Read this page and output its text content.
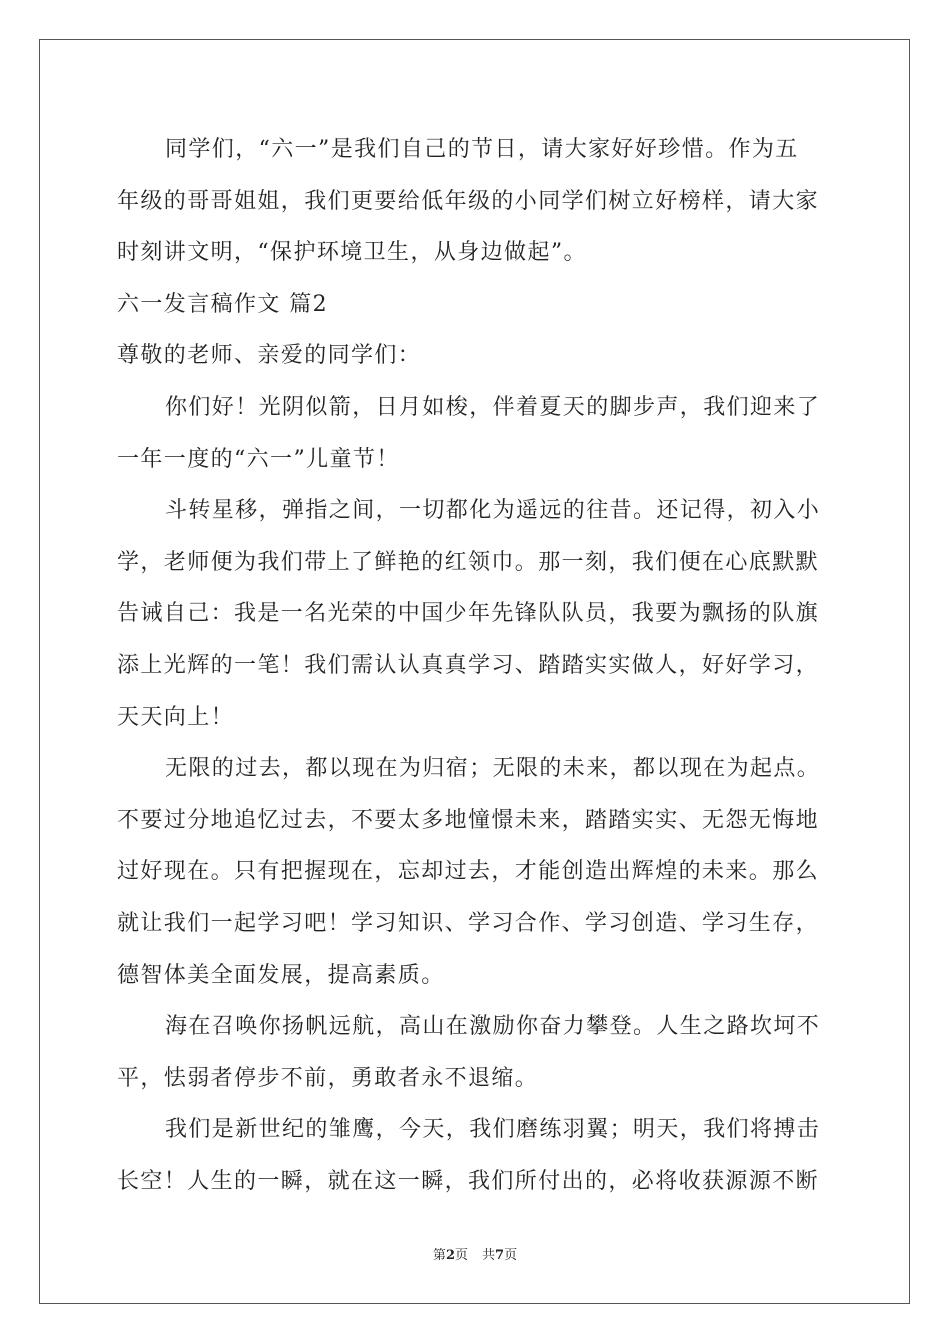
同学们，“六一”是我们自己的节日，请大家好好珍惜。作为五
年级的哥哥姐姐，我们更要给低年级的小同学们树立好榜样，请大家
时刻讲文明，“保护环境卫生，从身边做起”。
六一发言稿作文 篇2
尊敬的老师、亲爱的同学们：
你们好！光阴似箭，日月如梭，伴着夏天的脚步声，我们迎来了
一年一度的“六一”儿童节！
斗转星移，弹指之间，一切都化为遥远的往昔。还记得，初入小
学，老师便为我们带上了鲜艳的红领巾。那一刻，我们便在心底默默
告诫自己：我是一名光荣的中国少年先锋队队员，我要为飘扬的队旗
添上光辉的一笔！我们需认认真真学习、踏踏实实做人，好好学习，
天天向上！
无限的过去，都以现在为归宿；无限的未来，都以现在为起点。
不要过分地追忆过去，不要太多地憧憬未来，踏踏实实、无怨无悔地
过好现在。只有把握现在，忘却过去，才能创造出辉煌的未来。那么
就让我们一起学习吧！学习知识、学习合作、学习创造、学习生存，
德智体美全面发展，提高素质。
海在召唤你扬帆远航，高山在激励你奋力攀登。人生之路坎坷不
平，怯弱者停步不前，勇敢者永不退缩。
我们是新世纪的雏鹰，今天，我们磨练羽翼；明天，我们将搏击
长空！人生的一瞬，就在这一瞬，我们所付出的，必将收获源源不断
第2页 共7页
